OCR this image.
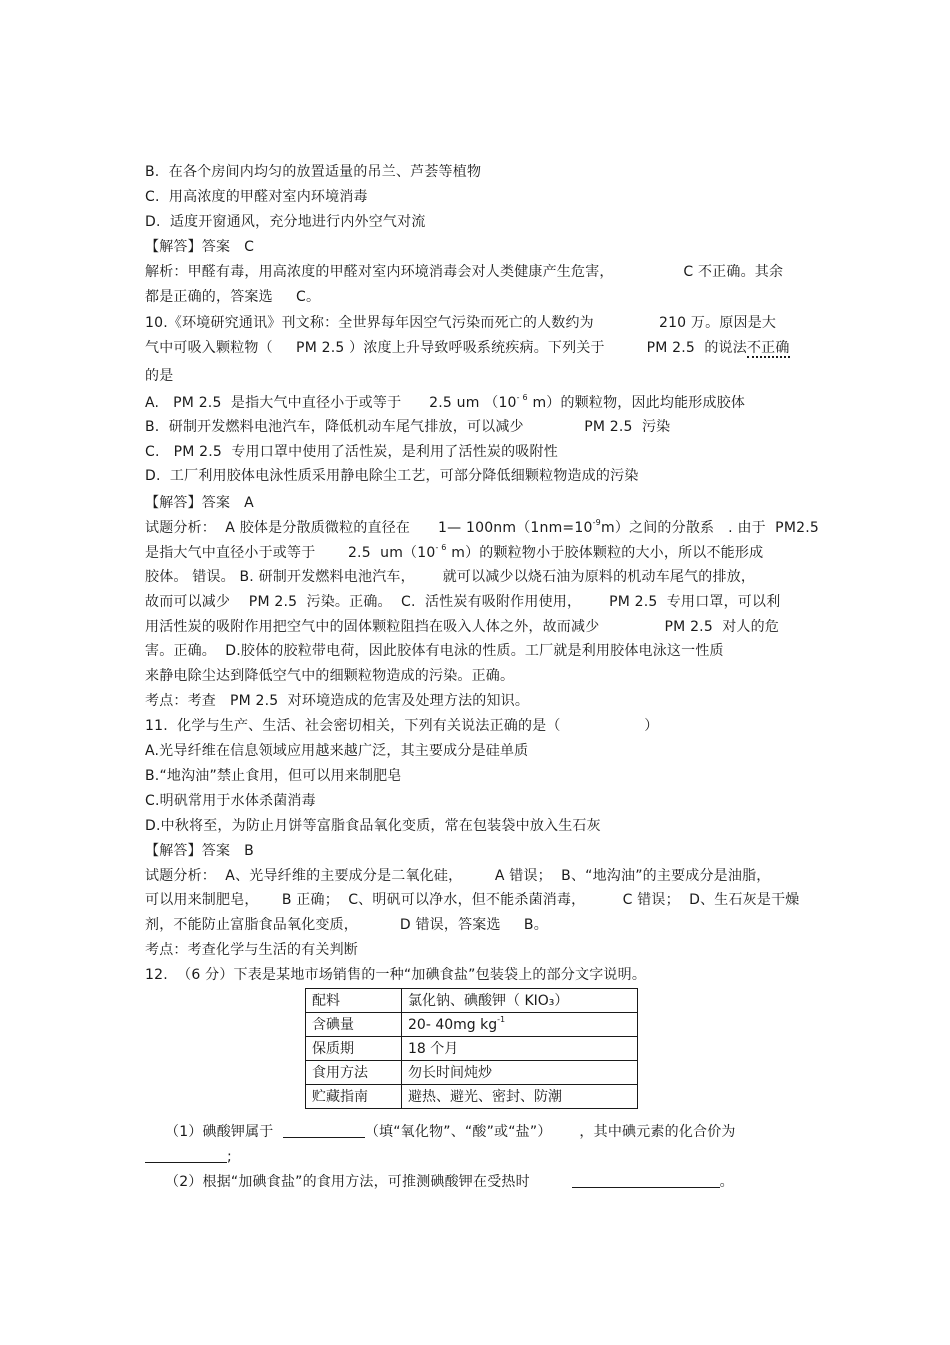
B.  在各个房间内均匀的放置适量的吊兰、芦荟等植物
C.  用高浓度的甲醛对室内环境消毒
D.  适度开窗通风，充分地进行内外空气对流
【解答】答案   C
解析：甲醛有毒，用高浓度的甲醛对室内环境消毒会对人类健康产生危害，               C 不正确。其余
都是正确的，答案选     C。
10.《环境研究通讯》刊文称：全世界每年因空气污染而死亡的人数约为              210 万。原因是大
气中可吸入颗粒物（     PM 2.5 ）浓度上升导致呼吸系统疾病。下列关于         PM 2.5  的说法不正确
的是
A.   PM 2.5  是指大气中直径小于或等于      2.5 um （$10^{- 6}$ m）的颗粒物，因此均能形成胶体
B.  研制开发燃料电池汽车，降低机动车尾气排放，可以减少             PM 2.5  污染
C.   PM 2.5  专用口罩中使用了活性炭，是利用了活性炭的吸附性
D.  工厂利用胶体电泳性质采用静电除尘工艺，可部分降低细颗粒物造成的污染
【解答】答案   A
试题分析：  A 胶体是分散质微粒的直径在      1— $100nm(1nm=10^{-9}m)$之间的分散系   . 由于  PM2.5
是指大气中直径小于或等于       2.5  $um(10^{- 6}$ m）的颗粒物小于胶体颗粒的大小，所以不能形成
胶体。 错误。 B. 研制开发燃料电池汽车，      就可以减少以烧石油为原料的机动车尾气的排放，
故而可以减少    PM 2.5  污染。正确。  C.  活性炭有吸附作用使用，      PM 2.5  专用口罩，可以利
用活性炭的吸附作用把空气中的固体颗粒阻挡在吸入人体之外，故而减少              PM 2.5  对人的危
害。正确。  D.胶体的胶粒带电荷，因此胶体有电泳的性质。工厂就是利用胶体电泳这一性质
来静电除尘达到降低空气中的细颗粒物造成的污染。正确。
考点：考查   PM 2.5  对环境造成的危害及处理方法的知识。
11.  化学与生产、生活、社会密切相关，下列有关说法正确的是（                  ）
A.光导纤维在信息领域应用越来越广泛，其主要成分是硅单质
B.“地沟油”禁止食用，但可以用来制肥皂
C.明矾常用于水体杀菌消毒
D.中秋将至，为防止月饼等富脂食品氧化变质，常在包装袋中放入生石灰
【解答】答案   B
试题分析：  A、光导纤维的主要成分是二氧化硅，       A 错误；  B、“地沟油”的主要成分是油脂，
可以用来制肥皂，     B 正确；  C、明矾可以净水，但不能杀菌消毒，        C 错误；  D、生石灰是干燥
剂，不能防止富脂食品氧化变质，         D 错误，答案选     B。
考点：考查化学与生活的有关判断
12.  （6 分）下表是某地市场销售的一种“加碘食盐”包装袋上的部分文字说明。
配料	氯化钠、碘酸钾（ KIO₃）
含碘量	20- 40mg $kg^{-1}$
保质期	18 个月
食用方法	勿长时间炖炒
贮藏指南	避热、避光、密封、防潮
（1）碘酸钾属于	（填“氧化物”、“酸”或“盐”）      ，其中碘元素的化合价为
;
（2）根据“加碘食盐”的食用方法，可推测碘酸钾在受热时	。
